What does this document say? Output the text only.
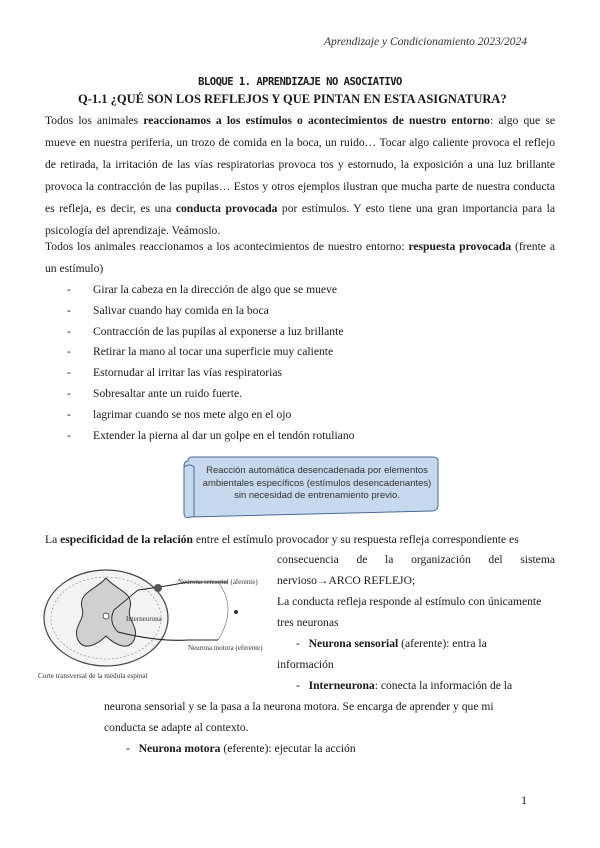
Aprendizaje y Condicionamiento 2023/2024
BLOQUE 1. APRENDIZAJE NO ASOCIATIVO
Q-1.1 ¿QUÉ SON LOS REFLEJOS Y QUE PINTAN EN ESTA ASIGNATURA?
Todos los animales reaccionamos a los estímulos o acontecimientos de nuestro entorno: algo que se mueve en nuestra periferia, un trozo de comida en la boca, un ruido… Tocar algo caliente provoca el reflejo de retirada, la irritación de las vías respiratorias provoca tos y estornudo, la exposición a una luz brillante provoca la contracción de las pupilas… Estos y otros ejemplos ilustran que mucha parte de nuestra conducta es refleja, es decir, es una conducta provocada por estímulos. Y esto tiene una gran importancia para la psicología del aprendizaje. Veámoslo.
Todos los animales reaccionamos a los acontecimientos de nuestro entorno: respuesta provocada (frente a un estímulo)
- Girar la cabeza en la dirección de algo que se mueve
- Salivar cuando hay comida en la boca
- Contracción de las pupilas al exponerse a luz brillante
- Retirar la mano al tocar una superficie muy caliente
- Estornudar al irritar las vías respiratorias
- Sobresaltar ante un ruido fuerte.
- lagrimar cuando se nos mete algo en el ojo
- Extender la pierna al dar un golpe en el tendón rotuliano
Reacción automática desencadenada por elementos ambientales específicos (estímulos desencadenantes) sin necesidad de entrenamiento previo.
La especificidad de la relación entre el estímulo provocador y su respuesta refleja correspondiente es
Neurona sensorial (aferente)
Interneurona
Neurona motora (eferente)
Corte transversal de la médula espinal
consecuencia de la organización del sistema
nervioso→ARCO REFLEJO;
La conducta refleja responde al estímulo con únicamente
tres neuronas
- Neurona sensorial (aferente): entra la
información
- Interneurona: conecta la información de la
neurona sensorial y se la pasa a la neurona motora. Se encarga de aprender y que mi
conducta se adapte al contexto.
- Neurona motora (eferente): ejecutar la acción
1
